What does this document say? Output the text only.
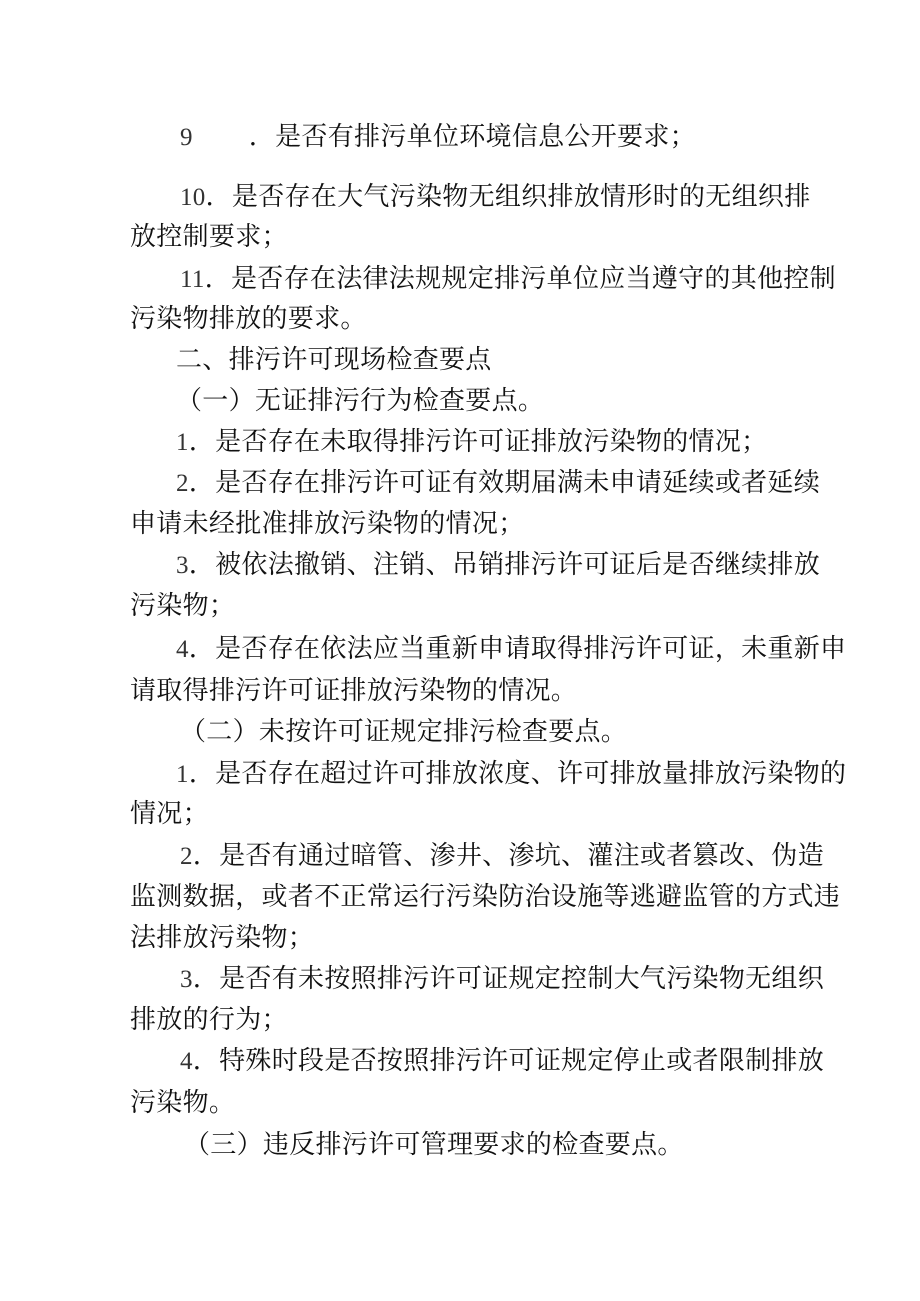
9 ．是否有排污单位环境信息公开要求；
10．是否存在大气污染物无组织排放情形时的无组织排
放控制要求；
11．是否存在法律法规规定排污单位应当遵守的其他控制
污染物排放的要求。
二、排污许可现场检查要点
（一）无证排污行为检查要点。
1．是否存在未取得排污许可证排放污染物的情况；
2．是否存在排污许可证有效期届满未申请延续或者延续
申请未经批准排放污染物的情况；
3．被依法撤销、注销、吊销排污许可证后是否继续排放
污染物；
4．是否存在依法应当重新申请取得排污许可证，未重新申
请取得排污许可证排放污染物的情况。
（二）未按许可证规定排污检查要点。
1．是否存在超过许可排放浓度、许可排放量排放污染物的
情况；
2．是否有通过暗管、渗井、渗坑、灌注或者篡改、伪造
监测数据，或者不正常运行污染防治设施等逃避监管的方式违
法排放污染物；
3．是否有未按照排污许可证规定控制大气污染物无组织
排放的行为；
4．特殊时段是否按照排污许可证规定停止或者限制排放
污染物。
（三）违反排污许可管理要求的检查要点。
